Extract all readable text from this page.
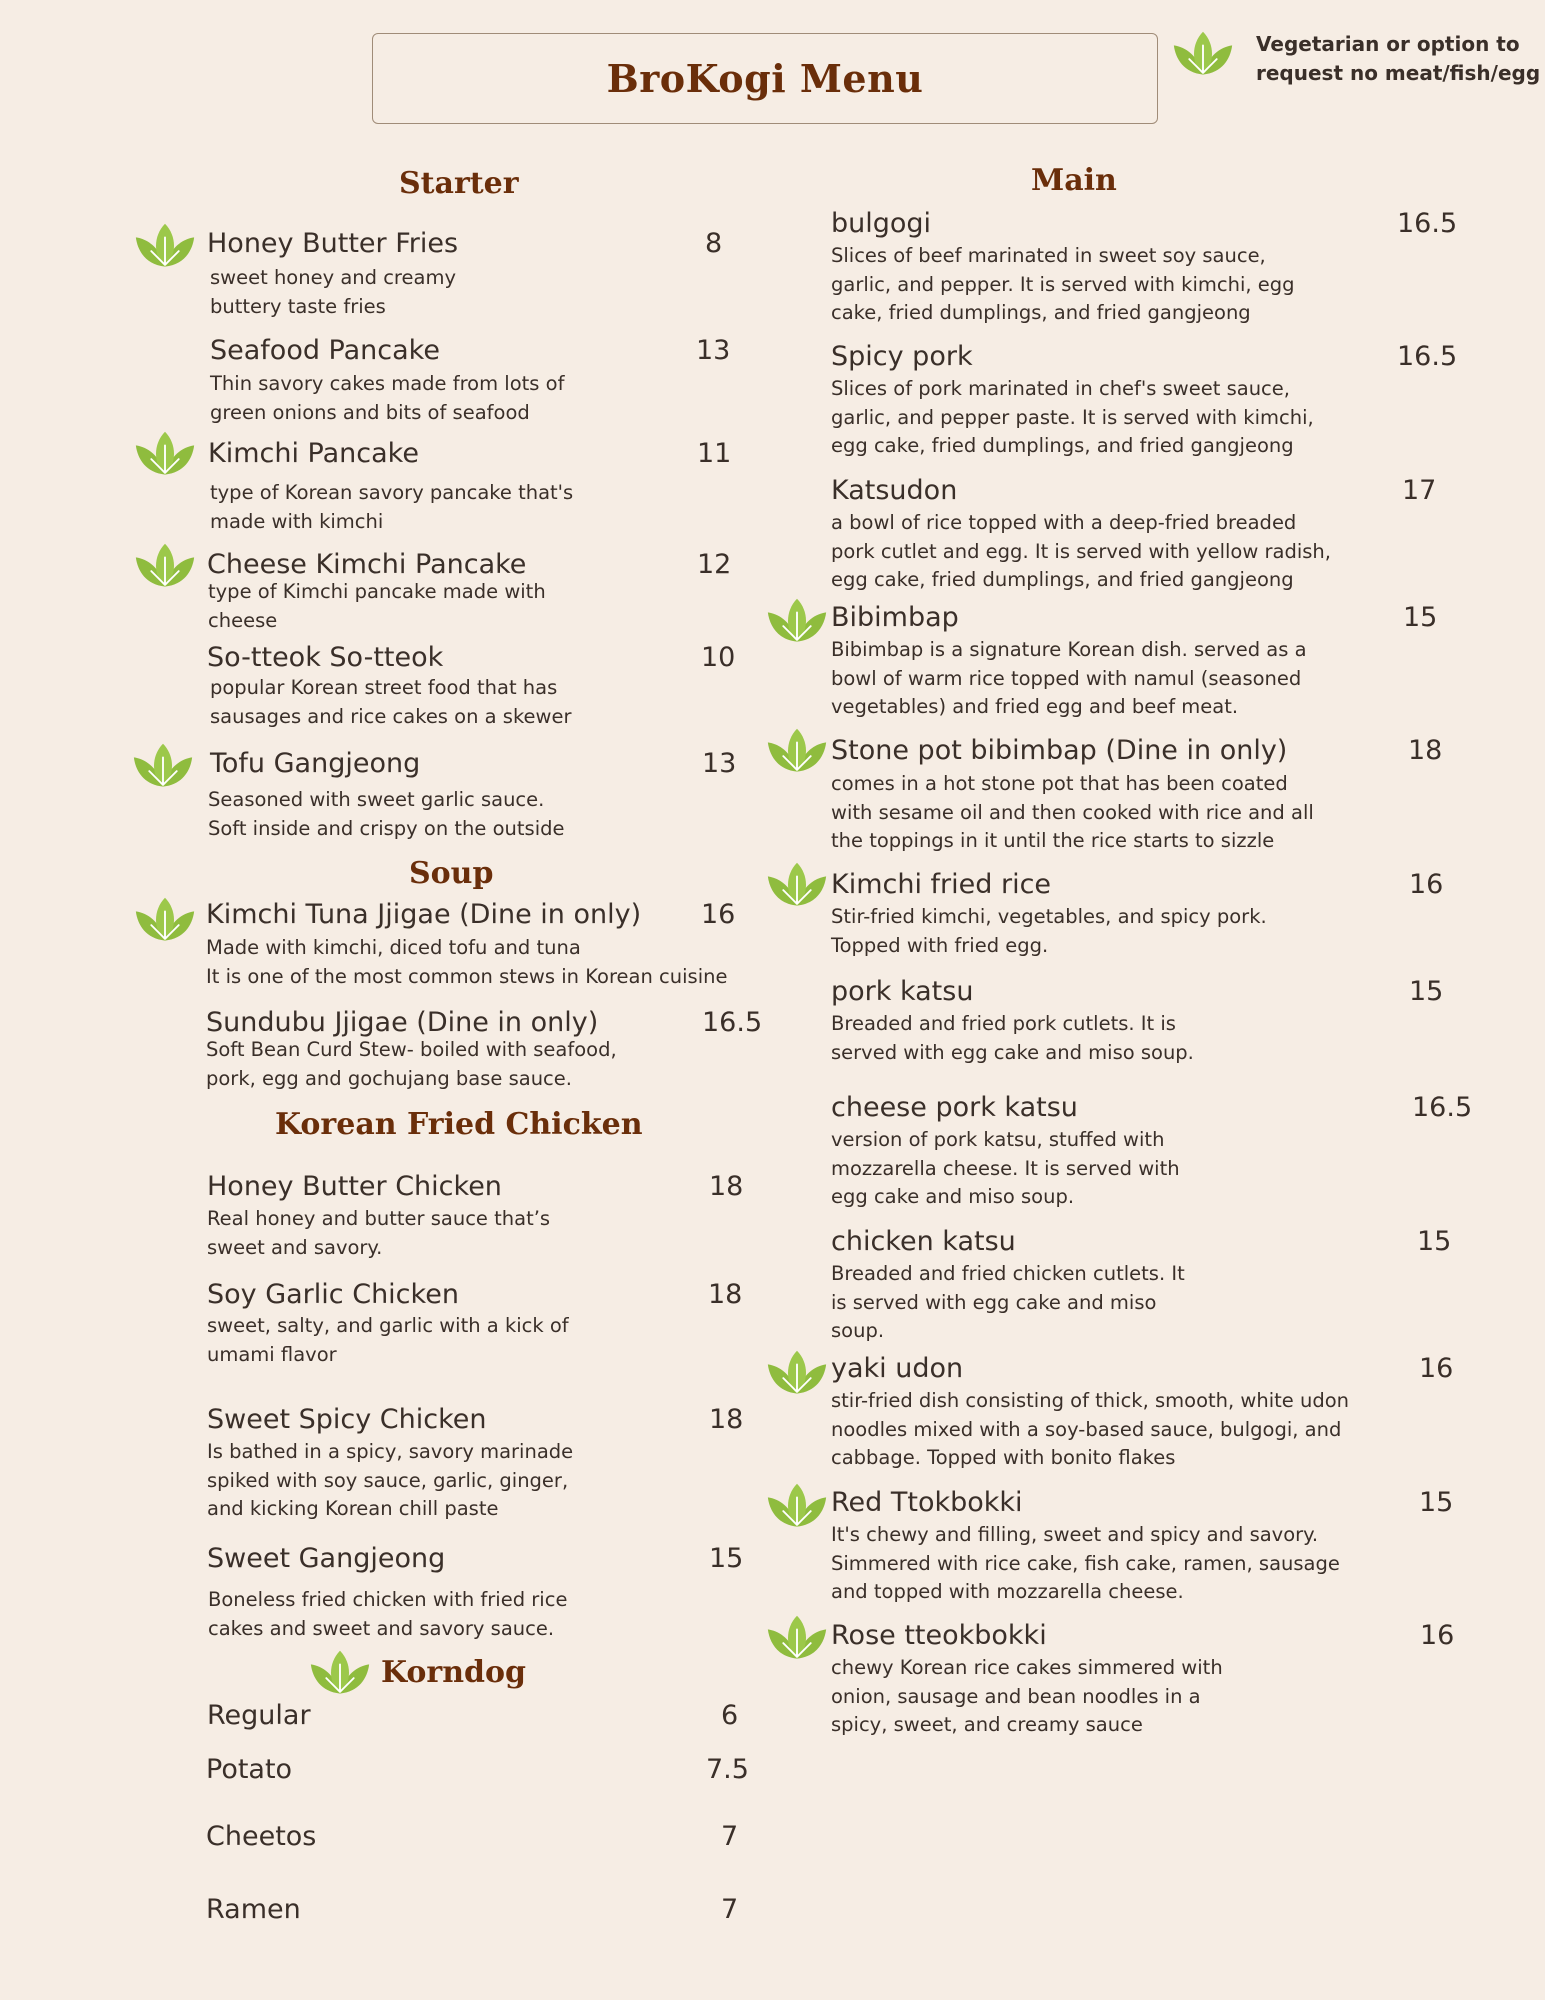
BroKogi Menu
Vegetarian or option to
request no meat/fish/egg
Starter
Honey Butter Fries	8
sweet honey and creamy
buttery taste fries
Seafood Pancake	13
Thin savory cakes made from lots of
green onions and bits of seafood
Kimchi Pancake	11
type of Korean savory pancake that's
made with kimchi
Cheese Kimchi Pancake	12
type of Kimchi pancake made with
cheese
So-tteok So-tteok	10
popular Korean street food that has
sausages and rice cakes on a skewer
Tofu Gangjeong	13
Seasoned with sweet garlic sauce.
Soft inside and crispy on the outside
Soup
Kimchi Tuna Jjigae (Dine in only) 16
Made with kimchi, diced tofu and tuna
It is one of the most common stews in Korean cuisine
Sundubu Jjigae (Dine in only)	16.5
Soft Bean Curd Stew- boiled with seafood,
pork, egg and gochujang base sauce.
Korean Fried Chicken
Honey Butter Chicken	18
Real honey and butter sauce that’s
sweet and savory.
Soy Garlic Chicken	18
sweet, salty, and garlic with a kick of
umami flavor
Sweet Spicy Chicken	18
Is bathed in a spicy, savory marinade
spiked with soy sauce, garlic, ginger,
and kicking Korean chill paste
Sweet Gangjeong	15
Boneless fried chicken with fried rice
cakes and sweet and savory sauce.
Korndog
Regular	6
Potato	7.5
Cheetos	7
Ramen	7
Main
bulgogi	16.5
Slices of beef marinated in sweet soy sauce,
garlic, and pepper. It is served with kimchi, egg
cake, fried dumplings, and fried gangjeong
Spicy pork	16.5
Slices of pork marinated in chef's sweet sauce,
garlic, and pepper paste. It is served with kimchi,
egg cake, fried dumplings, and fried gangjeong
Katsudon	17
a bowl of rice topped with a deep-fried breaded
pork cutlet and egg. It is served with yellow radish,
egg cake, fried dumplings, and fried gangjeong
Bibimbap	15
Bibimbap is a signature Korean dish. served as a
bowl of warm rice topped with namul (seasoned
vegetables) and fried egg and beef meat.
Stone pot bibimbap (Dine in only)	18
comes in a hot stone pot that has been coated
with sesame oil and then cooked with rice and all
the toppings in it until the rice starts to sizzle
Kimchi fried rice	16
Stir-fried kimchi, vegetables, and spicy pork.
Topped with fried egg.
pork katsu	15
Breaded and fried pork cutlets. It is
served with egg cake and miso soup.
cheese pork katsu	16.5
version of pork katsu, stuffed with
mozzarella cheese. It is served with
egg cake and miso soup.
chicken katsu	15
Breaded and fried chicken cutlets. It
is served with egg cake and miso
soup.
yaki udon	16
stir-fried dish consisting of thick, smooth, white udon
noodles mixed with a soy-based sauce, bulgogi, and
cabbage. Topped with bonito flakes
Red Ttokbokki	15
It's chewy and filling, sweet and spicy and savory.
Simmered with rice cake, fish cake, ramen, sausage
and topped with mozzarella cheese.
Rose tteokbokki	16
chewy Korean rice cakes simmered with
onion, sausage and bean noodles in a
spicy, sweet, and creamy sauce
